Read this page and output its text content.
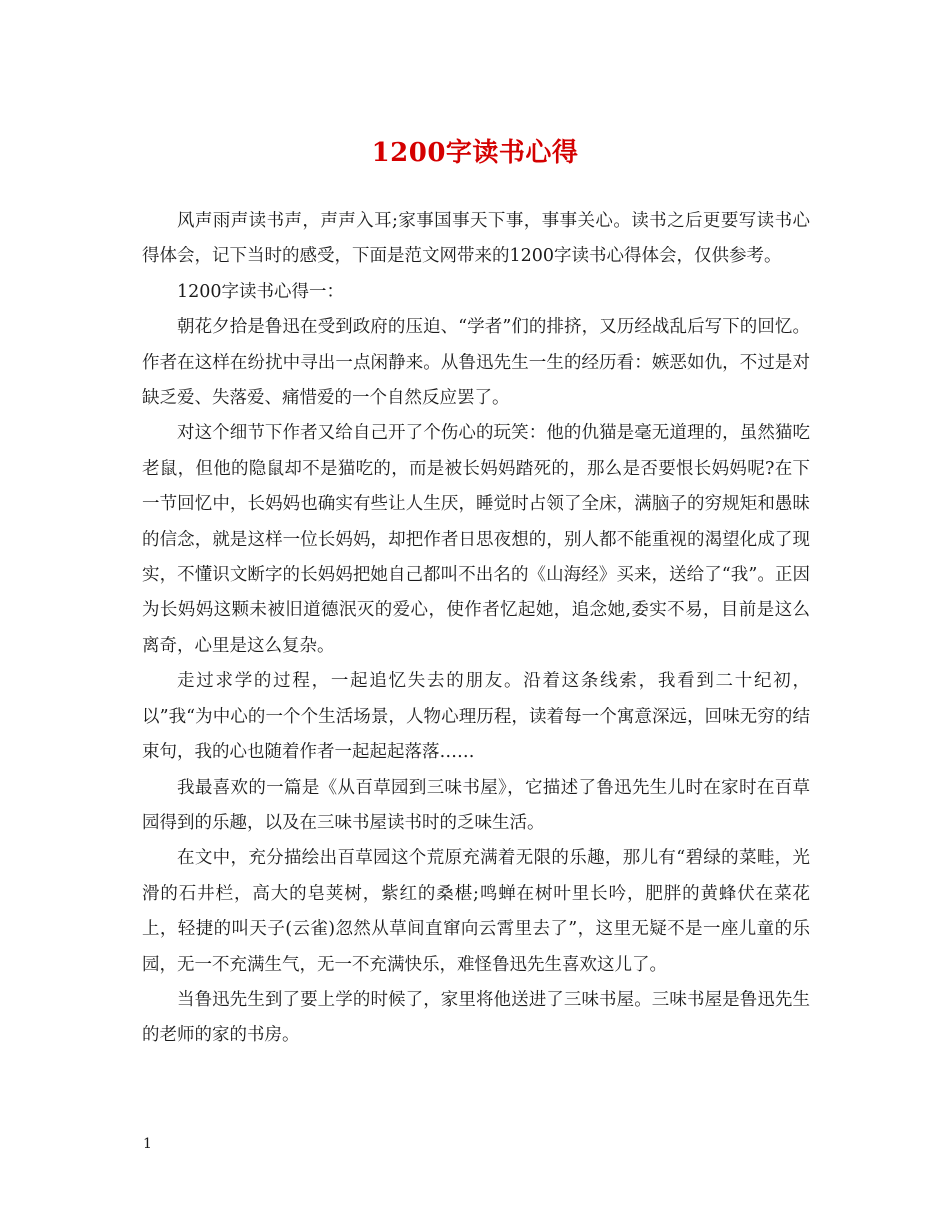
1200字读书心得

风声雨声读书声，声声入耳;家事国事天下事，事事关心。读书之后更要写读书心得体会，记下当时的感受，下面是范文网带来的1200字读书心得体会，仅供参考。

1200字读书心得一：

朝花夕拾是鲁迅在受到政府的压迫、“学者”们的排挤，又历经战乱后写下的回忆。作者在这样在纷扰中寻出一点闲静来。从鲁迅先生一生的经历看：嫉恶如仇，不过是对缺乏爱、失落爱、痛惜爱的一个自然反应罢了。

对这个细节下作者又给自己开了个伤心的玩笑：他的仇猫是毫无道理的，虽然猫吃老鼠，但他的隐鼠却不是猫吃的，而是被长妈妈踏死的，那么是否要恨长妈妈呢?在下一节回忆中，长妈妈也确实有些让人生厌，睡觉时占领了全床，满脑子的穷规矩和愚昧的信念，就是这样一位长妈妈，却把作者日思夜想的，别人都不能重视的渴望化成了现实，不懂识文断字的长妈妈把她自己都叫不出名的《山海经》买来，送给了“我”。正因为长妈妈这颗未被旧道德泯灭的爱心，使作者忆起她，追念她,委实不易，目前是这么离奇，心里是这么复杂。

走过求学的过程，一起追忆失去的朋友。沿着这条线索，我看到二十纪初，以”我“为中心的一个个生活场景，人物心理历程，读着每一个寓意深远，回味无穷的结束句，我的心也随着作者一起起起落落……

我最喜欢的一篇是《从百草园到三味书屋》，它描述了鲁迅先生儿时在家时在百草园得到的乐趣，以及在三味书屋读书时的乏味生活。

在文中，充分描绘出百草园这个荒原充满着无限的乐趣，那儿有“碧绿的菜畦，光滑的石井栏，高大的皂荚树，紫红的桑椹;鸣蝉在树叶里长吟，肥胖的黄蜂伏在菜花上，轻捷的叫天子(云雀)忽然从草间直窜向云霄里去了”，这里无疑不是一座儿童的乐园，无一不充满生气，无一不充满快乐，难怪鲁迅先生喜欢这儿了。

当鲁迅先生到了要上学的时候了，家里将他送进了三味书屋。三味书屋是鲁迅先生的老师的家的书房。

1
